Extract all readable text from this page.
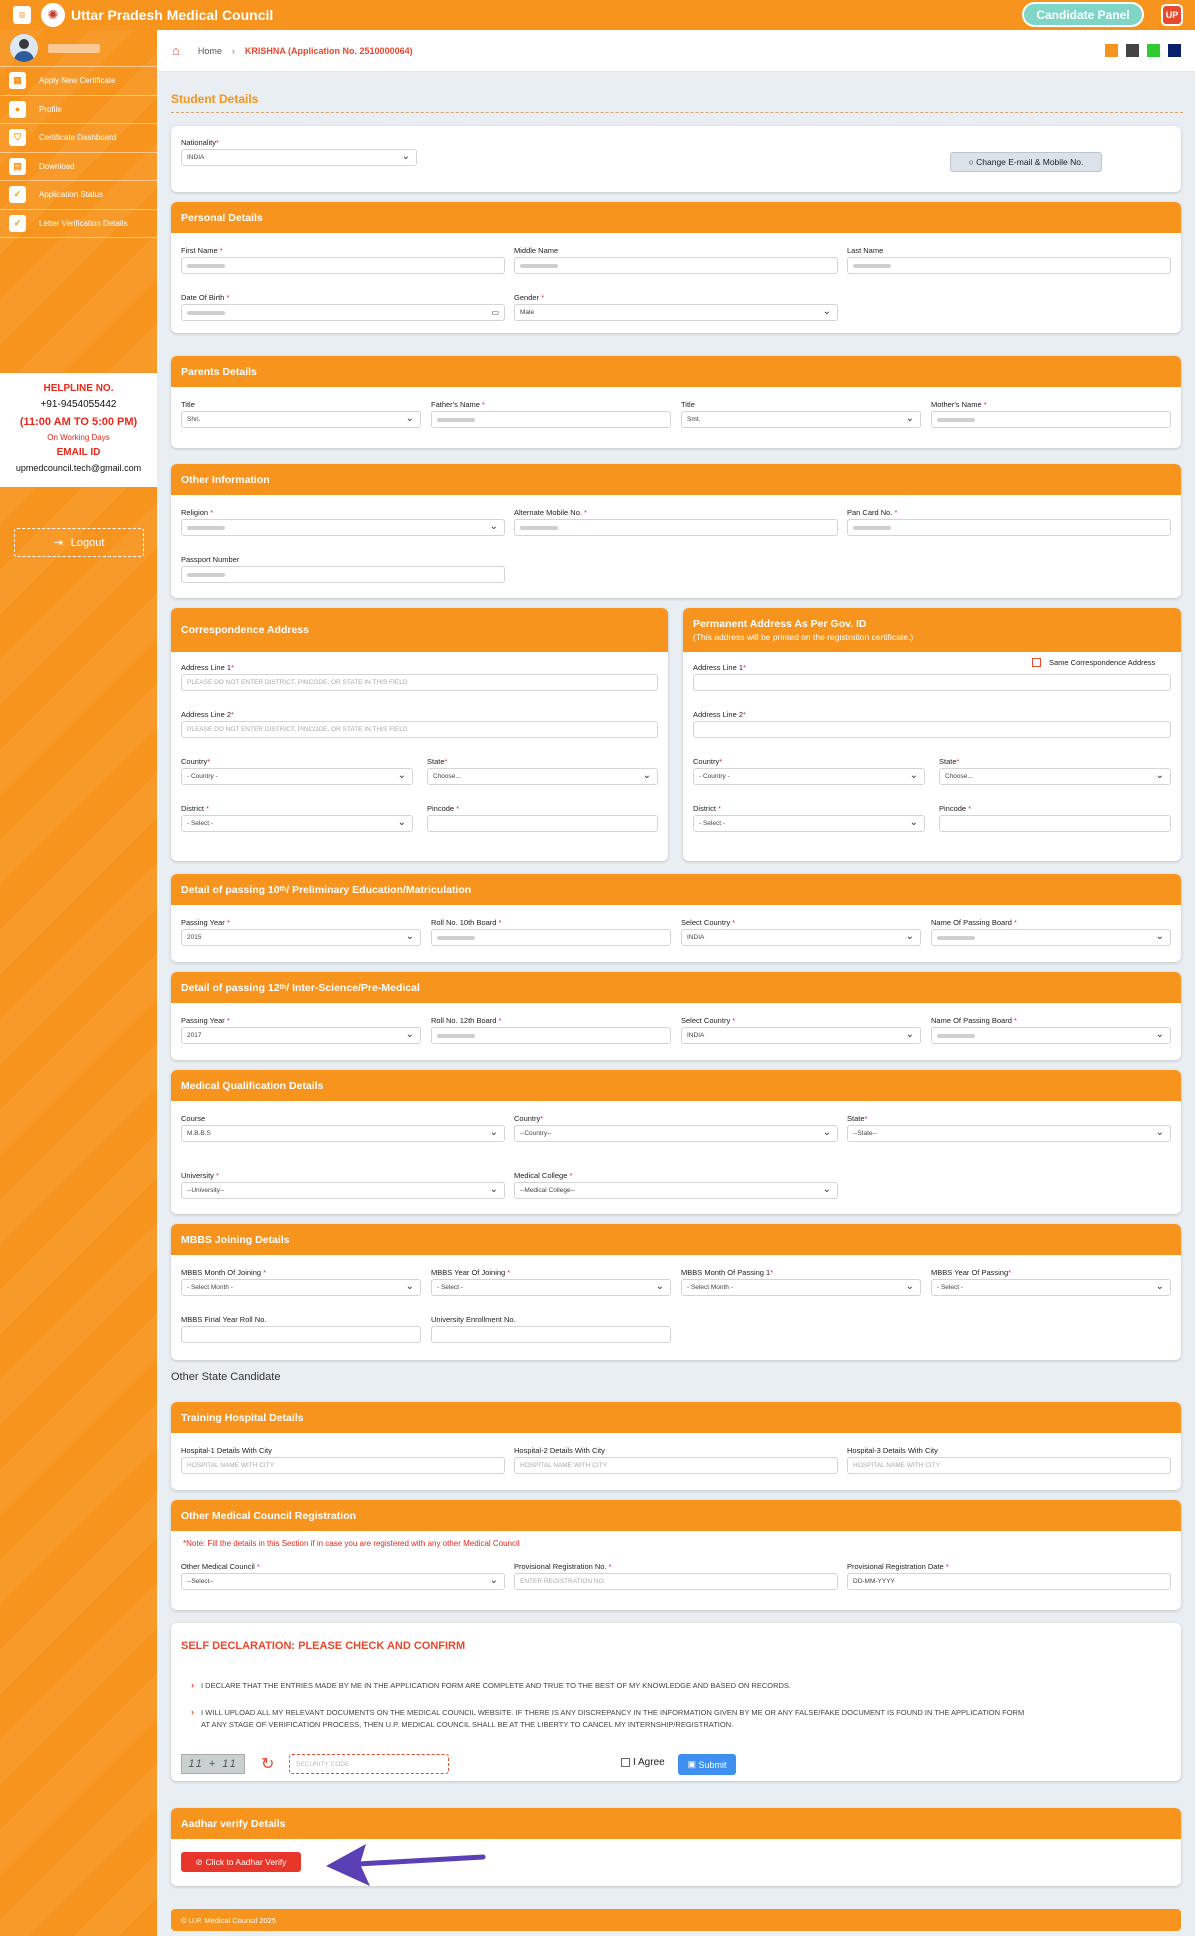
≡	✺ Uttar Pradesh Medical Council	Candidate Panel	UP
▦	Apply New Certificate
●	Profile
⛉	Certificate Dashboard
▤	Download
✓	Application Status
✓	Letter Verification Details
HELPLINE NO.
+91-9454055442
(11:00 AM TO 5:00 PM)
On Working Days
EMAIL ID
upmedcouncil.tech@gmail.com
⇥ Logout
⌂ Home › KRISHNA (Application No. 2510000064)
Student Details
Nationality*
INDIA ⌄	○ Change E-mail & Mobile No.
Personal Details
First Name *	Middle Name	Last Name
Date Of Birth *
▭
Gender *
Male ⌄
Parents Details
Title
Shri. ⌄
Father's Name *	Title
Smt. ⌄
Mother's Name *
Other Information
Religion *	Alternate Mobile No. *	Pan Card No. *
Passport Number
Correspondence Address
Address Line 1*
PLEASE DO NOT ENTER DISTRICT, PINCODE, OR STATE IN THIS FIELD
Address Line 2*
PLEASE DO NOT ENTER DISTRICT, PINCODE, OR STATE IN THIS FIELD
Country*
- Country - ⌄
State*
Choose... ⌄
District *
- Select - ⌄
Pincode *
Permanent Address As Per Gov. ID
(This address will be printed on the registration certificate.)
Same Correspondence Address
Address Line 1*
Address Line 2*
Country*
- Country - ⌄
State*
Choose... ⌄
District *
- Select - ⌄
Pincode *
Detail of passing 10 th / Preliminary Education/Matriculation
Passing Year *
2015 ⌄
Roll No. 10th Board *	Select Country *
INDIA ⌄
Name Of Passing Board *
Detail of passing 12 th / Inter-Science/Pre-Medical
Passing Year *
2017 ⌄
Roll No. 12th Board *	Select Country *
INDIA ⌄
Name Of Passing Board *
Medical Qualification Details
Course
M.B.B.S ⌄
Country*
--Country-- ⌄
State*
--State-- ⌄
University *
--University-- ⌄
Medical College *
--Medical College-- ⌄
MBBS Joining Details
MBBS Month Of Joining *
- Select Month - ⌄
MBBS Year Of Joining *
- Select - ⌄
MBBS Month Of Passing 1*
- Select Month - ⌄
MBBS Year Of Passing*
- Select - ⌄
MBBS Final Year Roll No.	University Enrollment No.
Other State Candidate
Training Hospital Details
Hospital-1 Details With City
HOSPITAL NAME WITH CITY
Hospital-2 Details With City
HOSPITAL NAME WITH CITY
Hospital-3 Details With City
HOSPITAL NAME WITH CITY
Other Medical Council Registration
*Note: Fill the details in this Section if in case you are registered with any other Medical Council
Other Medical Council *
--Select-- ⌄
Provisional Registration No. *
ENTER REGISTRATION NO.
Provisional Registration Date *
DD-MM-YYYY
SELF DECLARATION: PLEASE CHECK AND CONFIRM
› I DECLARE THAT THE ENTRIES MADE BY ME IN THE APPLICATION FORM ARE COMPLETE AND TRUE TO THE BEST OF MY KNOWLEDGE AND BASED ON RECORDS.
› I WILL UPLOAD ALL MY RELEVANT DOCUMENTS ON THE MEDICAL COUNCIL WEBSITE. IF THERE IS ANY DISCREPANCY IN THE INFORMATION GIVEN BY ME OR ANY FALSE/FAKE DOCUMENT IS FOUND IN THE APPLICATION FORM
AT ANY STAGE OF VERIFICATION PROCESS, THEN U.P. MEDICAL COUNCIL SHALL BE AT THE LIBERTY TO CANCEL MY INTERNSHIP/REGISTRATION.
11 + 11	↻	SECURITY CODE	I Agree	▣ Submit
Aadhar verify Details
⊘ Click to Aadhar Verify
© U.P. Medical Council 2025
